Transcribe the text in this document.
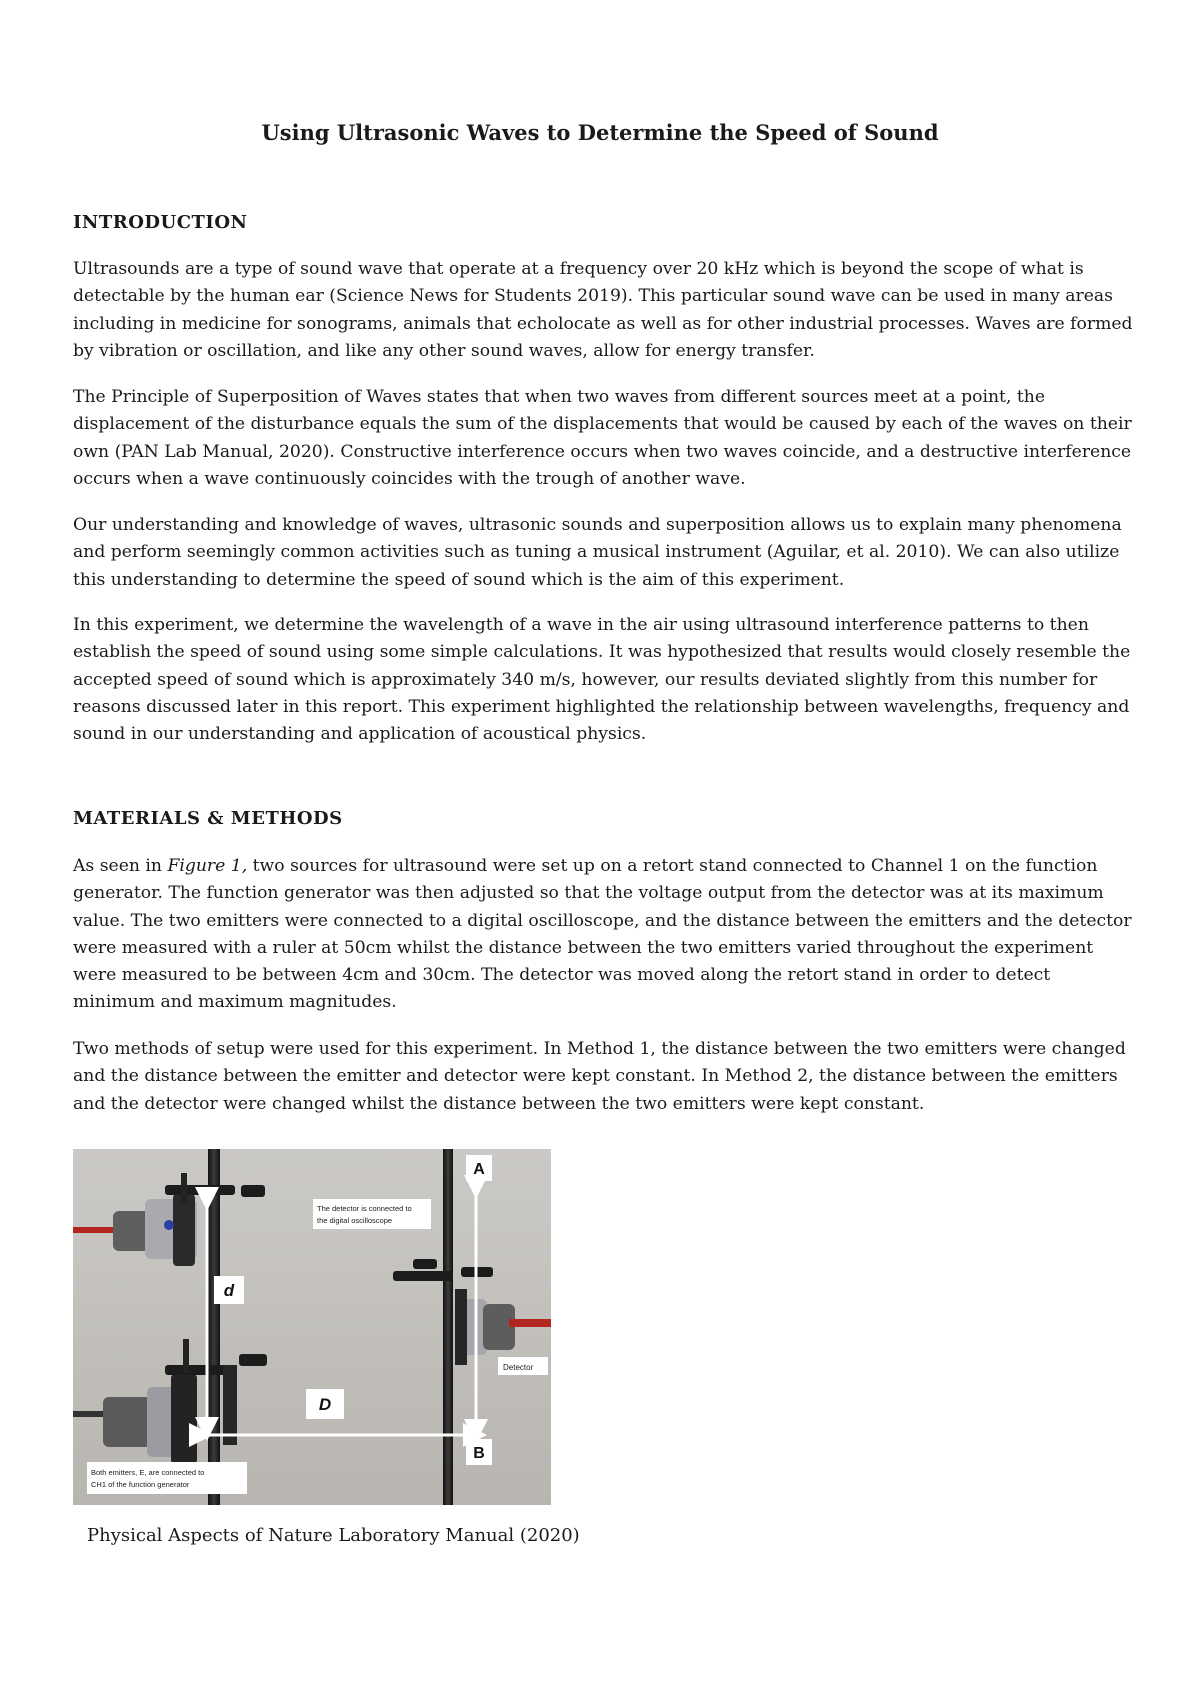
Using Ultrasonic Waves to Determine the Speed of Sound
INTRODUCTION

Ultrasounds are a type of sound wave that operate at a frequency over 20 kHz which is beyond the scope of what is detectable by the human ear (Science News for Students 2019). This particular sound wave can be used in many areas including in medicine for sonograms, animals that echolocate as well as for other industrial processes. Waves are formed by vibration or oscillation, and like any other sound waves, allow for energy transfer.

The Principle of Superposition of Waves states that when two waves from different sources meet at a point, the displacement of the disturbance equals the sum of the displacements that would be caused by each of the waves on their own (PAN Lab Manual, 2020). Constructive interference occurs when two waves coincide, and a destructive interference occurs when a wave continuously coincides with the trough of another wave.

Our understanding and knowledge of waves, ultrasonic sounds and superposition allows us to explain many phenomena and perform seemingly common activities such as tuning a musical instrument (Aguilar, et al. 2010). We can also utilize this understanding to determine the speed of sound which is the aim of this experiment.

In this experiment, we determine the wavelength of a wave in the air using ultrasound interference patterns to then establish the speed of sound using some simple calculations. It was hypothesized that results would closely resemble the accepted speed of sound which is approximately 340 m/s, however, our results deviated slightly from this number for reasons discussed later in this report. This experiment highlighted the relationship between wavelengths, frequency and sound in our understanding and application of acoustical physics.

MATERIALS & METHODS

As seen in Figure 1, two sources for ultrasound were set up on a retort stand connected to Channel 1 on the function generator. The function generator was then adjusted so that the voltage output from the detector was at its maximum value. The two emitters were connected to a digital oscilloscope, and the distance between the emitters and the detector were measured with a ruler at 50cm whilst the distance between the two emitters varied throughout the experiment were measured to be between 4cm and 30cm. The detector was moved along the retort stand in order to detect minimum and maximum magnitudes.

Two methods of setup were used for this experiment. In Method 1, the distance between the two emitters were changed and the distance between the emitter and detector were kept constant. In Method 2, the distance between the emitters and the detector were changed whilst the distance between the two emitters were kept constant.

A
B
d
D
The detector is connected to
the digital oscilloscope
Detector
Both emitters, E, are connected to
CH1 of the function generator
Physical Aspects of Nature Laboratory Manual (2020)
